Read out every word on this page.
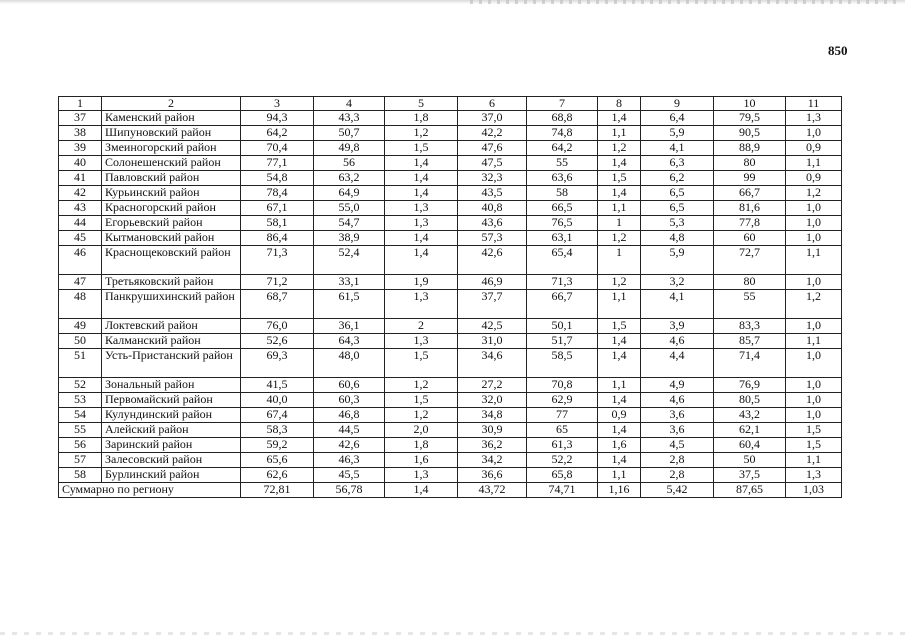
850
1	2	3	4	5	6	7	8	9	10	11
37	Каменский район	94,3	43,3	1,8	37,0	68,8	1,4	6,4	79,5	1,3
38	Шипуновский район	64,2	50,7	1,2	42,2	74,8	1,1	5,9	90,5	1,0
39	Змеиногорский район	70,4	49,8	1,5	47,6	64,2	1,2	4,1	88,9	0,9
40	Солонешенский район	77,1	56	1,4	47,5	55	1,4	6,3	80	1,1
41	Павловский район	54,8	63,2	1,4	32,3	63,6	1,5	6,2	99	0,9
42	Курьинский район	78,4	64,9	1,4	43,5	58	1,4	6,5	66,7	1,2
43	Красногорский район	67,1	55,0	1,3	40,8	66,5	1,1	6,5	81,6	1,0
44	Егорьевский район	58,1	54,7	1,3	43,6	76,5	1	5,3	77,8	1,0
45	Кытмановский район	86,4	38,9	1,4	57,3	63,1	1,2	4,8	60	1,0
46	Краснощековский район	71,3	52,4	1,4	42,6	65,4	1	5,9	72,7	1,1
47	Третьяковский район	71,2	33,1	1,9	46,9	71,3	1,2	3,2	80	1,0
48	Панкрушихинский район	68,7	61,5	1,3	37,7	66,7	1,1	4,1	55	1,2
49	Локтевский район	76,0	36,1	2	42,5	50,1	1,5	3,9	83,3	1,0
50	Калманский район	52,6	64,3	1,3	31,0	51,7	1,4	4,6	85,7	1,1
51	Усть-Пристанский район	69,3	48,0	1,5	34,6	58,5	1,4	4,4	71,4	1,0
52	Зональный район	41,5	60,6	1,2	27,2	70,8	1,1	4,9	76,9	1,0
53	Первомайский район	40,0	60,3	1,5	32,0	62,9	1,4	4,6	80,5	1,0
54	Кулундинский район	67,4	46,8	1,2	34,8	77	0,9	3,6	43,2	1,0
55	Алейский район	58,3	44,5	2,0	30,9	65	1,4	3,6	62,1	1,5
56	Заринский район	59,2	42,6	1,8	36,2	61,3	1,6	4,5	60,4	1,5
57	Залесовский район	65,6	46,3	1,6	34,2	52,2	1,4	2,8	50	1,1
58	Бурлинский район	62,6	45,5	1,3	36,6	65,8	1,1	2,8	37,5	1,3
Суммарно по региону		72,81	56,78	1,4	43,72	74,71	1,16	5,42	87,65	1,03
